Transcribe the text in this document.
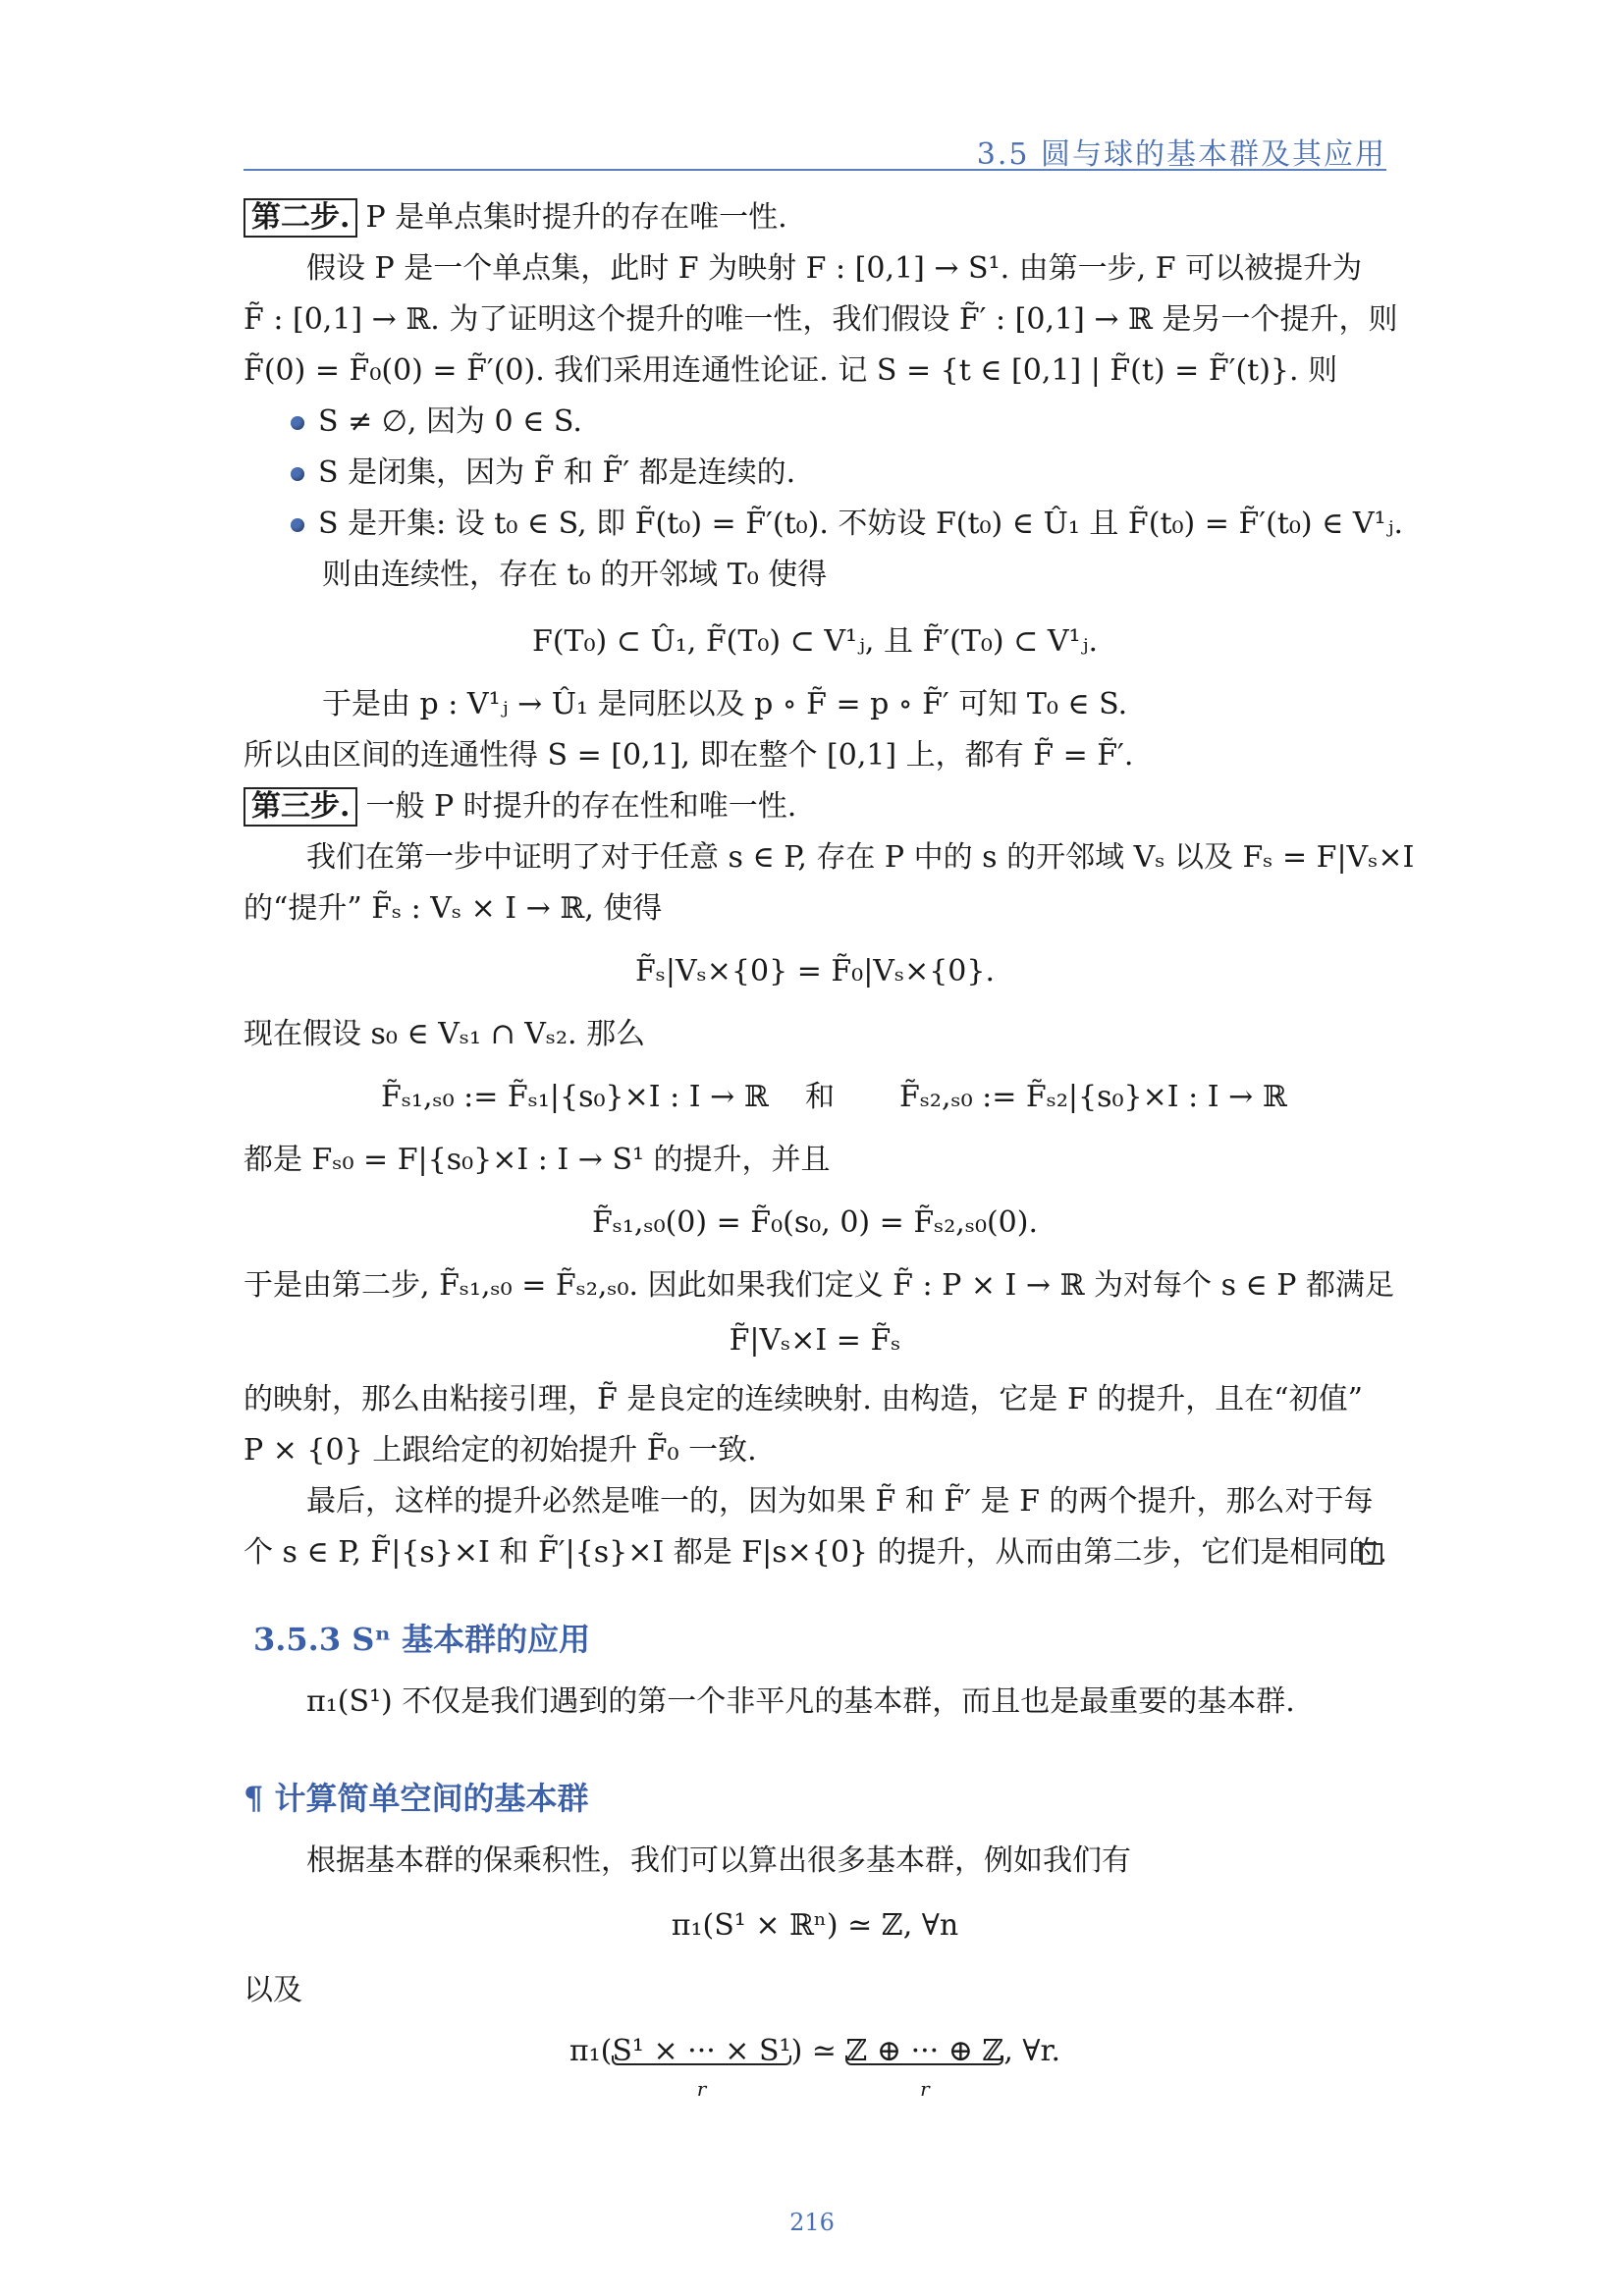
3.5 圆与球的基本群及其应用
第二步. P 是单点集时提升的存在唯一性.
假设 P 是一个单点集，此时 F 为映射 F : [0,1] → S¹. 由第一步, F 可以被提升为
F̃ : [0,1] → ℝ. 为了证明这个提升的唯一性，我们假设 F̃′ : [0,1] → ℝ 是另一个提升，则
F̃(0) = F̃₀(0) = F̃′(0). 我们采用连通性论证. 记 S = {t ∈ [0,1] | F̃(t) = F̃′(t)}. 则
S ≠ ∅, 因为 0 ∈ S.
S 是闭集，因为 F̃ 和 F̃′ 都是连续的.
S 是开集: 设 t₀ ∈ S, 即 F̃(t₀) = F̃′(t₀). 不妨设 F(t₀) ∈ Û₁ 且 F̃(t₀) = F̃′(t₀) ∈ V¹ⱼ.
则由连续性，存在 t₀ 的开邻域 T₀ 使得
F(T₀) ⊂ Û₁, F̃(T₀) ⊂ V¹ⱼ, 且 F̃′(T₀) ⊂ V¹ⱼ.
于是由 p : V¹ⱼ → Û₁ 是同胚以及 p ∘ F̃ = p ∘ F̃′ 可知 T₀ ∈ S.
所以由区间的连通性得 S = [0,1], 即在整个 [0,1] 上，都有 F̃ = F̃′.
第三步. 一般 P 时提升的存在性和唯一性.
我们在第一步中证明了对于任意 s ∈ P, 存在 P 中的 s 的开邻域 Vₛ 以及 Fₛ = F|Vₛ×I
的“提升” F̃ₛ : Vₛ × I → ℝ, 使得
F̃ₛ|Vₛ×{0} = F̃₀|Vₛ×{0}.
现在假设 s₀ ∈ Vₛ₁ ∩ Vₛ₂. 那么
F̃ₛ₁,ₛ₀ := F̃ₛ₁|{s₀}×I : I → ℝ 和 F̃ₛ₂,ₛ₀ := F̃ₛ₂|{s₀}×I : I → ℝ
都是 Fₛ₀ = F|{s₀}×I : I → S¹ 的提升，并且
F̃ₛ₁,ₛ₀(0) = F̃₀(s₀, 0) = F̃ₛ₂,ₛ₀(0).
于是由第二步, F̃ₛ₁,ₛ₀ = F̃ₛ₂,ₛ₀. 因此如果我们定义 F̃ : P × I → ℝ 为对每个 s ∈ P 都满足
F̃|Vₛ×I = F̃ₛ
的映射，那么由粘接引理，F̃ 是良定的连续映射. 由构造，它是 F 的提升，且在“初值”
P × {0} 上跟给定的初始提升 F̃₀ 一致.
最后，这样的提升必然是唯一的，因为如果 F̃ 和 F̃′ 是 F 的两个提升，那么对于每
个 s ∈ P, F̃|{s}×I 和 F̃′|{s}×I 都是 F|s×{0} 的提升，从而由第二步，它们是相同的.
3.5.3 Sⁿ 基本群的应用
π₁(S¹) 不仅是我们遇到的第一个非平凡的基本群，而且也是最重要的基本群.
¶ 计算简单空间的基本群
根据基本群的保乘积性，我们可以算出很多基本群，例如我们有
π₁(S¹ × ℝⁿ) ≃ ℤ, ∀n
以及
π₁(S¹ × ··· × S¹
r
) ≃ ℤ ⊕ ··· ⊕ ℤ
r
, ∀r.
216
